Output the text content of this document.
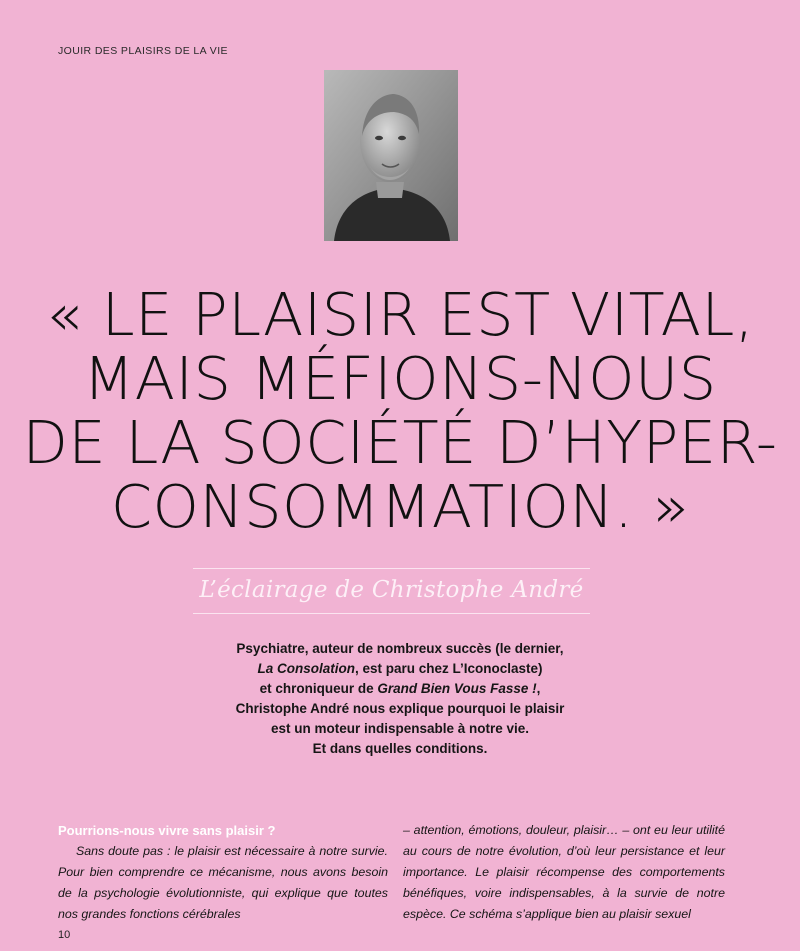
JOUIR DES PLAISIRS DE LA VIE
« LE PLAISIR EST VITAL,
MAIS MÉFIONS-NOUS
DE LA SOCIÉTÉ D’HYPER-
CONSOMMATION. »
L’éclairage de Christophe André
Psychiatre, auteur de nombreux succès (le dernier,
La Consolation, est paru chez L’Iconoclaste)
et chroniqueur de Grand Bien Vous Fasse !,
Christophe André nous explique pourquoi le plaisir
est un moteur indispensable à notre vie.
Et dans quelles conditions.
Pourrions-nous vivre sans plaisir ?
Sans doute pas : le plaisir est nécessaire à notre survie. Pour bien comprendre ce mécanisme, nous avons besoin de la psychologie évolutionniste, qui explique que toutes nos grandes fonctions cérébrales
– attention, émotions, douleur, plaisir… – ont eu leur utilité au cours de notre évolution, d’où leur persistance et leur importance. Le plaisir récompense des comportements bénéfiques, voire indispensables, à la survie de notre espèce. Ce schéma s’applique bien au plaisir sexuel
10
